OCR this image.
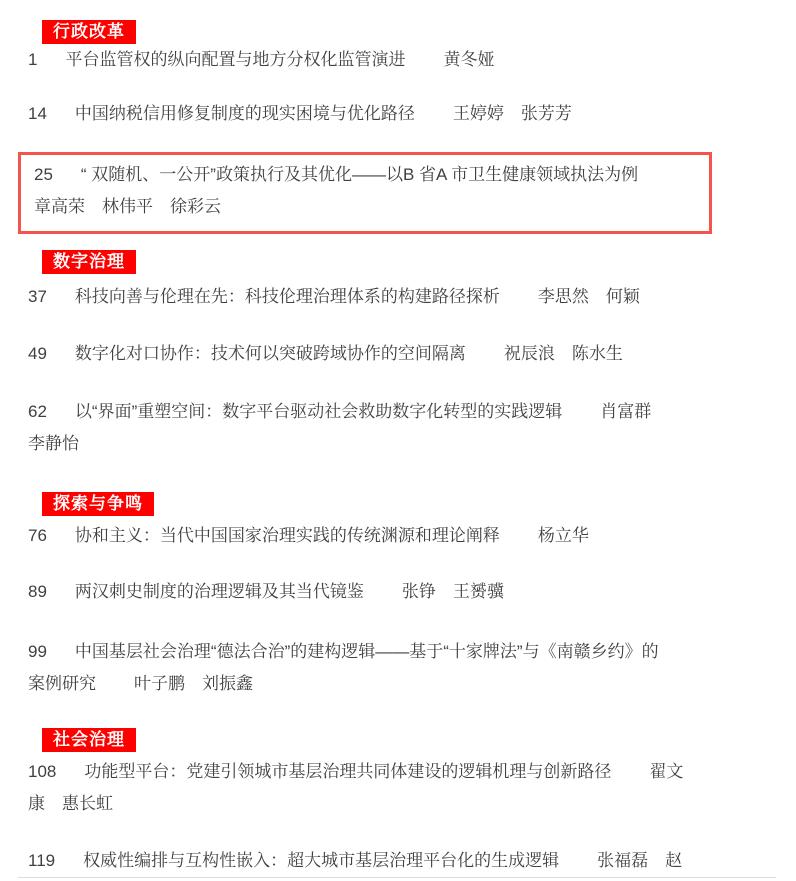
行政改革
1 平台监管权的纵向配置与地方分权化监管演进 黄冬娅
14 中国纳税信用修复制度的现实困境与优化路径 王婷婷　张芳芳
25 “ 双随机、一公开”政策执行及其优化——以B 省A 市卫生健康领域执法为例
章高荣　林伟平　徐彩云
数字治理
37 科技向善与伦理在先：科技伦理治理体系的构建路径探析 李思然　何颖
49 数字化对口协作：技术何以突破跨域协作的空间隔离 祝辰浪　陈水生
62 以“界面”重塑空间：数字平台驱动社会救助数字化转型的实践逻辑 肖富群
李静怡
探索与争鸣
76 协和主义：当代中国国家治理实践的传统渊源和理论阐释 杨立华
89 两汉刺史制度的治理逻辑及其当代镜鉴 张铮　王赟骥
99 中国基层社会治理“德法合治”的建构逻辑——基于“十家牌法”与《南赣乡约》的
案例研究 叶子鹏　刘振鑫
社会治理
108 功能型平台：党建引领城市基层治理共同体建设的逻辑机理与创新路径 翟文
康　惠长虹
119 权威性编排与互构性嵌入：超大城市基层治理平台化的生成逻辑 张福磊　赵
